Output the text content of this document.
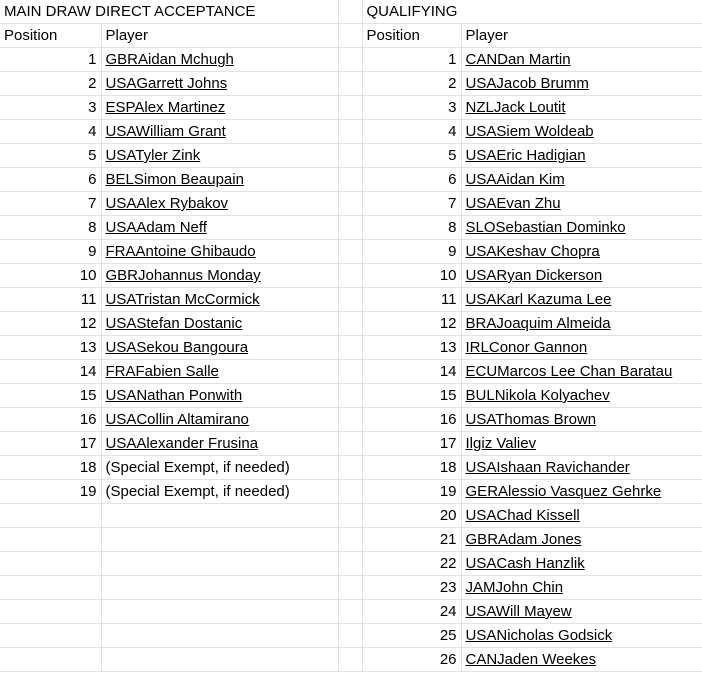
MAIN DRAW DIRECT ACCEPTANCE			QUALIFYING	
Position	Player		Position	Player
1	GBRAidan Mchugh		1	CANDan Martin
2	USAGarrett Johns		2	USAJacob Brumm
3	ESPAlex Martinez		3	NZLJack Loutit
4	USAWilliam Grant		4	USASiem Woldeab
5	USATyler Zink		5	USAEric Hadigian
6	BELSimon Beaupain		6	USAAidan Kim
7	USAAlex Rybakov		7	USAEvan Zhu
8	USAAdam Neff		8	SLOSebastian Dominko
9	FRAAntoine Ghibaudo		9	USAKeshav Chopra
10	GBRJohannus Monday		10	USARyan Dickerson
11	USATristan McCormick		11	USAKarl Kazuma Lee
12	USAStefan Dostanic		12	BRAJoaquim Almeida
13	USASekou Bangoura		13	IRLConor Gannon
14	FRAFabien Salle		14	ECUMarcos Lee Chan Baratau
15	USANathan Ponwith		15	BULNikola Kolyachev
16	USACollin Altamirano		16	USAThomas Brown
17	USAAlexander Frusina		17	Ilgiz Valiev
18	(Special Exempt, if needed)		18	USAIshaan Ravichander
19	(Special Exempt, if needed)		19	GERAlessio Vasquez Gehrke
			20	USAChad Kissell
			21	GBRAdam Jones
			22	USACash Hanzlik
			23	JAMJohn Chin
			24	USAWill Mayew
			25	USANicholas Godsick
			26	CANJaden Weekes
